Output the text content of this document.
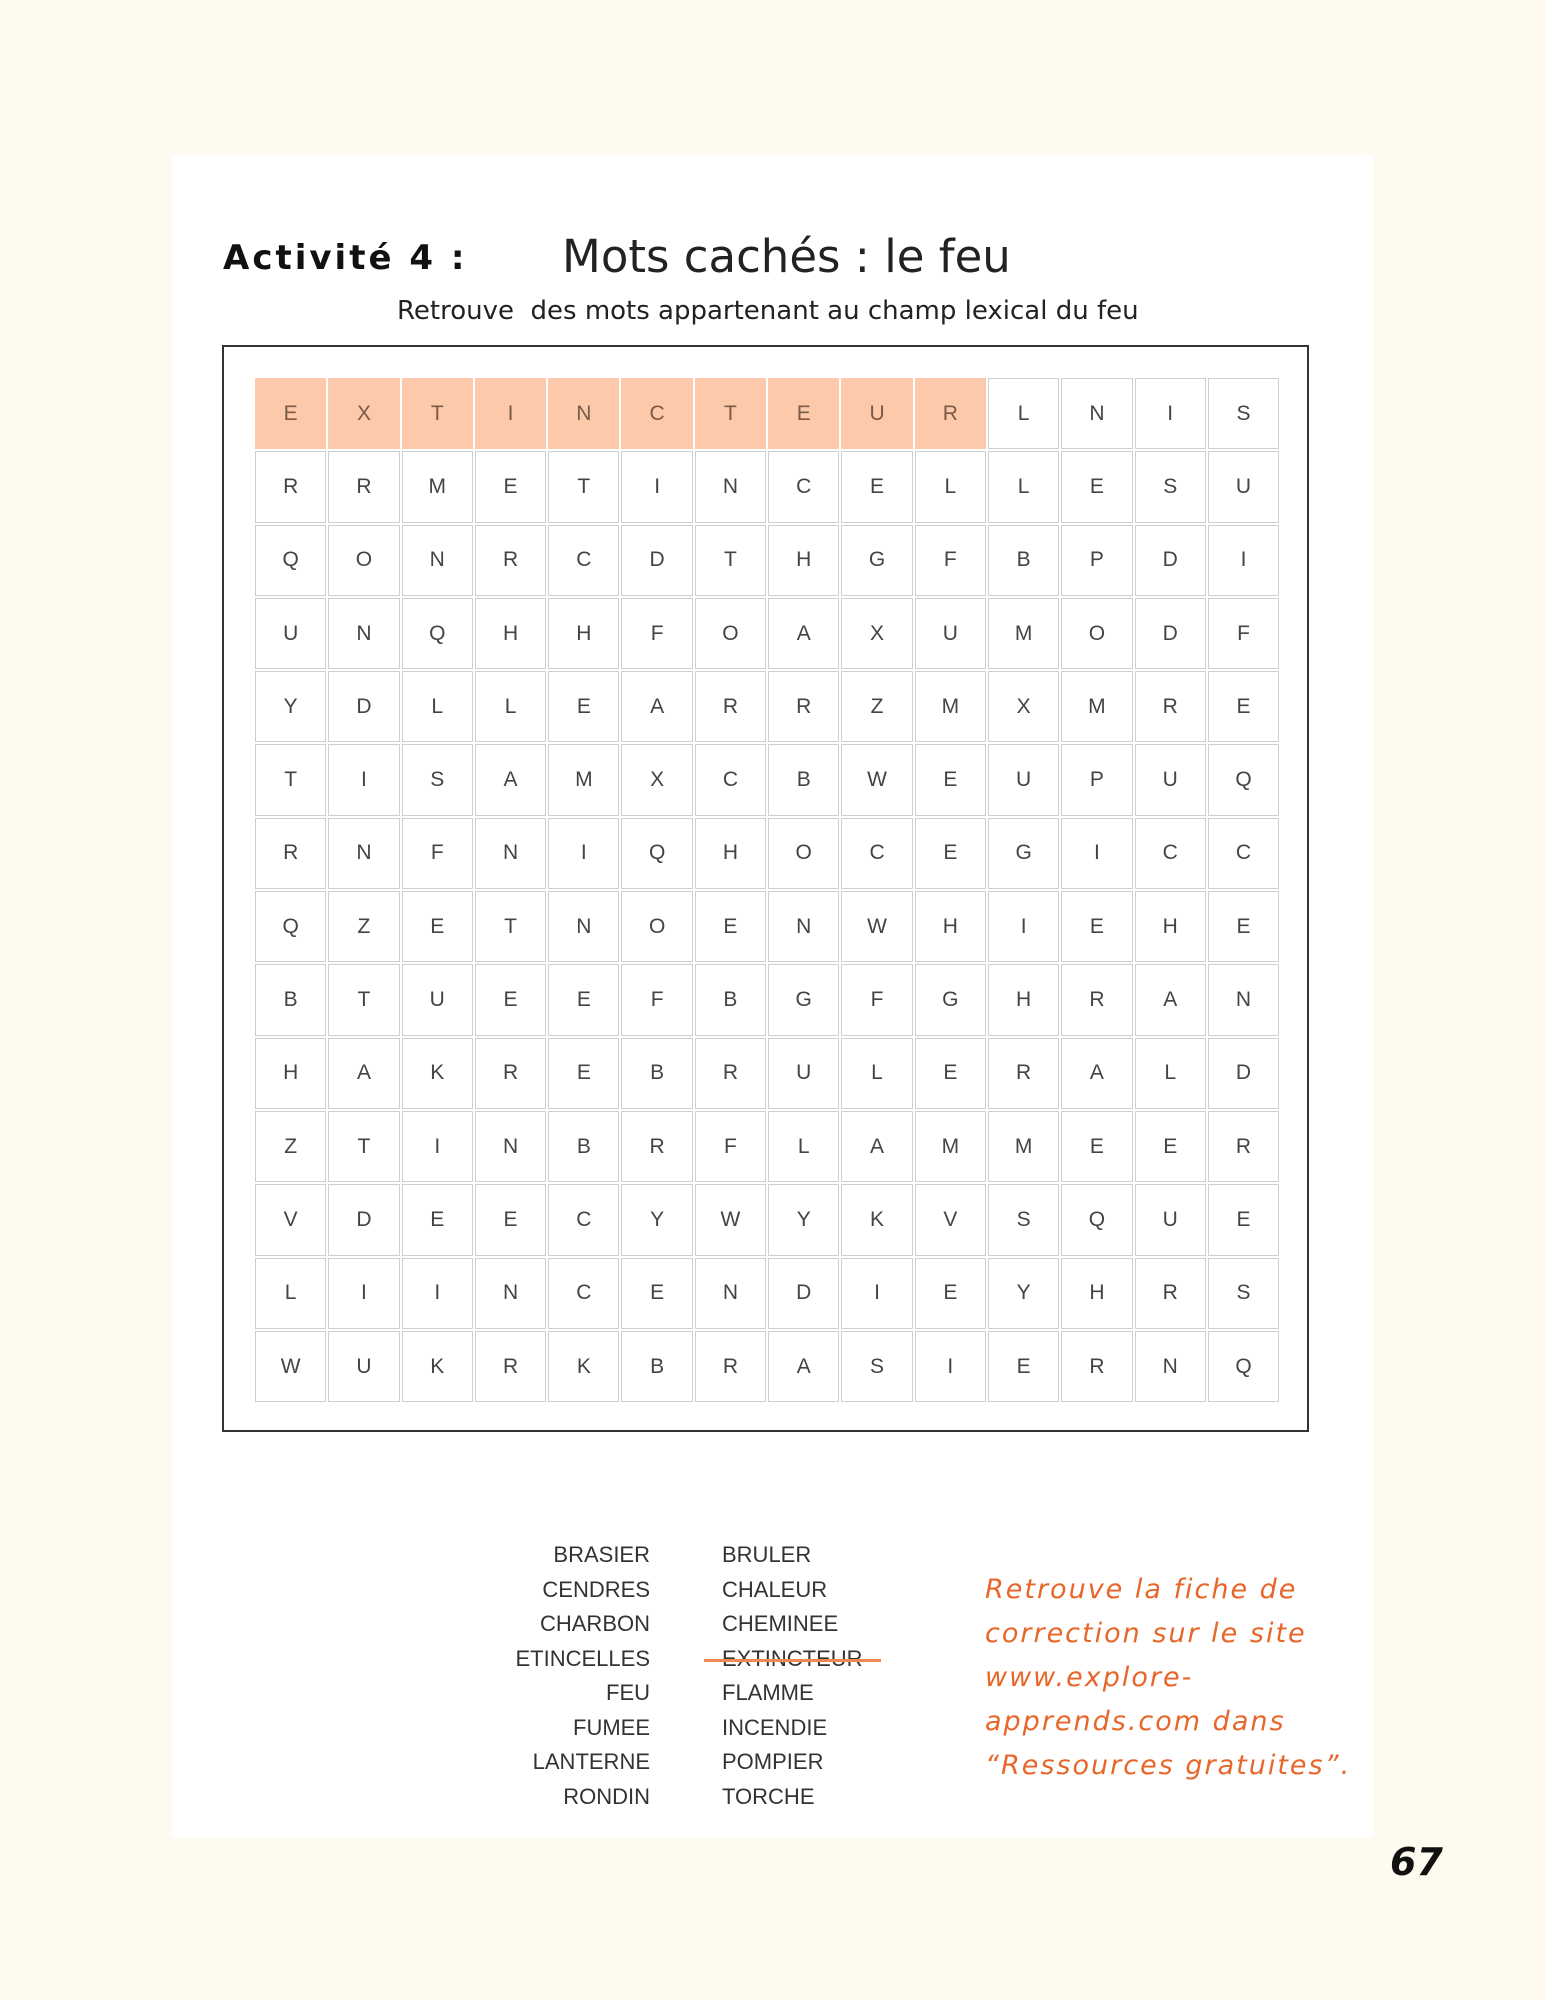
Activité 4 : Mots cachés : le feu
Retrouve  des mots appartenant au champ lexical du feu
E	X	T	I	N	C	T	E	U	R	L	N	I	S
R	R	M	E	T	I	N	C	E	L	L	E	S	U
Q	O	N	R	C	D	T	H	G	F	B	P	D	I
U	N	Q	H	H	F	O	A	X	U	M	O	D	F
Y	D	L	L	E	A	R	R	Z	M	X	M	R	E
T	I	S	A	M	X	C	B	W	E	U	P	U	Q
R	N	F	N	I	Q	H	O	C	E	G	I	C	C
Q	Z	E	T	N	O	E	N	W	H	I	E	H	E
B	T	U	E	E	F	B	G	F	G	H	R	A	N
H	A	K	R	E	B	R	U	L	E	R	A	L	D
Z	T	I	N	B	R	F	L	A	M	M	E	E	R
V	D	E	E	C	Y	W	Y	K	V	S	Q	U	E
L	I	I	N	C	E	N	D	I	E	Y	H	R	S
W	U	K	R	K	B	R	A	S	I	E	R	N	Q
BRASIER
CENDRES
CHARBON
ETINCELLES
FEU
FUMEE
LANTERNE
RONDIN
BRULER
CHALEUR
CHEMINEE
FLAMME
INCENDIE
POMPIER
TORCHE
Retrouve la fiche de correction sur le site www.explore-apprends.com dans “Ressources gratuites”.
67
